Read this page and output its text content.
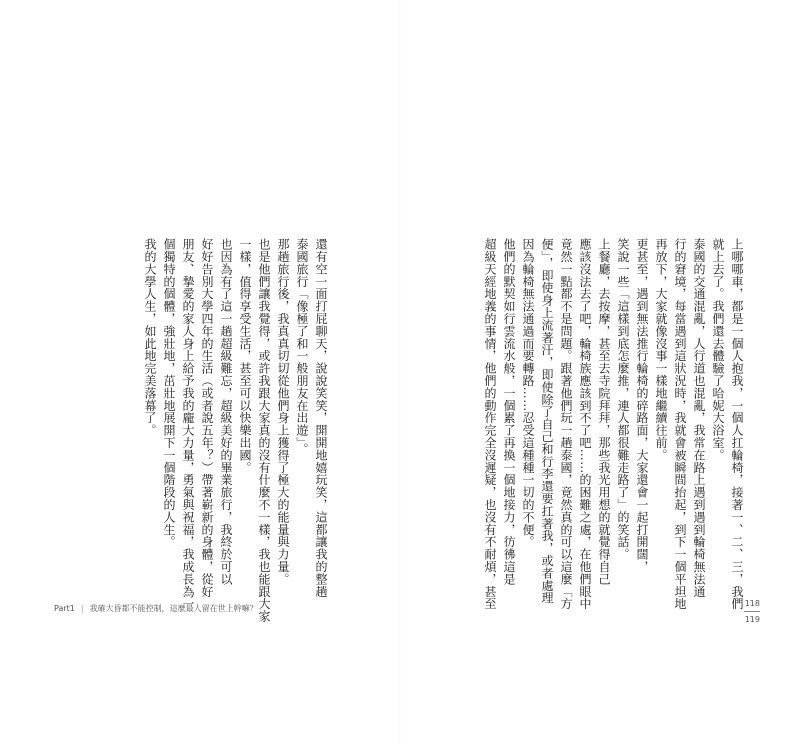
上哪哪車，都是一個人抱我，一個人扛輪椅，接著一、二、三，我們
就上去了。我們還去體驗了哈妮大浴室。
泰國的交通混亂，人行道也混亂，我常在路上遇到遇到輪椅無法通
行的窘境，每當遇到這狀況時，我就會被瞬間抬起，到下一個平坦地
再放下，大家就像沒事一樣地繼續往前。
更甚至，遇到無法推行輪椅的碎路面，大家還會一起打開闊，
笑說一些「這樣到底怎麼推，連人都很難走路了」的笑話。
上餐廳，去按摩，甚至去寺院拜拜，那些我光用想的就覺得自己
應該沒法去了吧，輪椅族應該到不了吧……的困難之處，在他們眼中
竟然一點都不是問題。跟著他們玩一趟泰國，竟然真的可以這麼「方
便」，即使身上流著汗，即使除了自己和行李還要扛著我，或者處理
因為輪椅無法通過而要轉路……忍受這種種一切的不便。
他們的默契如行雲流水般，一個累了再換一個地接力，彷彿這是
超級天經地義的事情，他們的動作完全沒遲疑，也沒有不耐煩，甚至
還有空一面打屁聊天，說說笑笑，開開地嬉玩笑，這都讓我的整趟
泰國旅行「像極了和一般朋友在出遊」。
那趟旅行後，我真真切切從他們身上獲得了極大的能量與力量。
也是他們讓我覺得，或許我跟大家真的沒有什麼不一樣，我也能跟大家
一樣，值得享受生活，甚至可以快樂出國。
也因為有了這一趟超級難忘，超級美好的畢業旅行，我終於可以
好好告別大學四年的生活（或者說五年？）帶著嶄新的身體，從好
朋友、摯愛的家人身上給予我的龐大力量，勇氣與祝福，我成長為一
個獨特的個體，強壯地，茁壯地展開下一個階段的人生。
我的大學人生，如此地完美落幕了。
Part1 | 我確大昏都不能控制，這麼最人留在世上幹嘛？
118
119
